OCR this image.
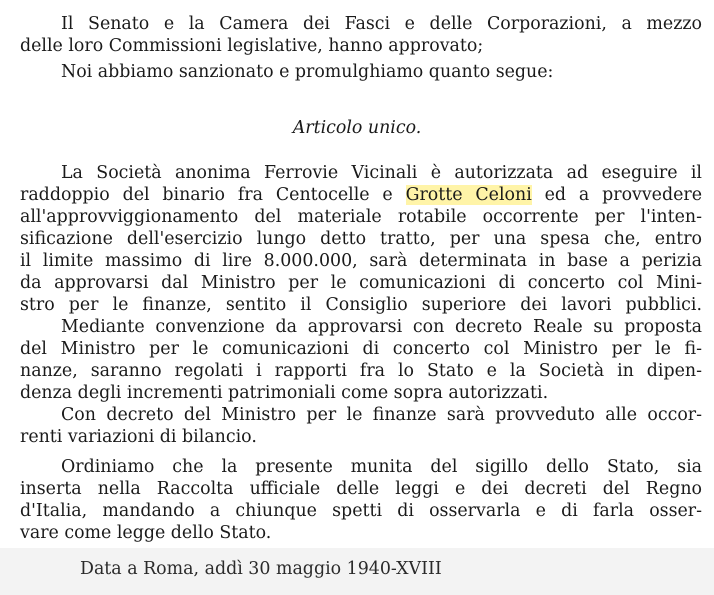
Il Senato e la Camera dei Fasci e delle Corporazioni, a mezzo
delle loro Commissioni legislative, hanno approvato;
Noi abbiamo sanzionato e promulghiamo quanto segue:
Articolo unico.
La Società anonima Ferrovie Vicinali è autorizzata ad eseguire il
raddoppio del binario fra Centocelle e Grotte Celoni ed a provvedere
all'approvviggionamento del materiale rotabile occorrente per l'inten-
sificazione dell'esercizio lungo detto tratto, per una spesa che, entro
il limite massimo di lire 8.000.000, sarà determinata in base a perizia
da approvarsi dal Ministro per le comunicazioni di concerto col Mini-
stro per le finanze, sentito il Consiglio superiore dei lavori pubblici.
Mediante convenzione da approvarsi con decreto Reale su proposta
del Ministro per le comunicazioni di concerto col Ministro per le fi-
nanze, saranno regolati i rapporti fra lo Stato e la Società in dipen-
denza degli incrementi patrimoniali come sopra autorizzati.
Con decreto del Ministro per le finanze sarà provveduto alle occor-
renti variazioni di bilancio.
Ordiniamo che la presente munita del sigillo dello Stato, sia
inserta nella Raccolta ufficiale delle leggi e dei decreti del Regno
d'Italia, mandando a chiunque spetti di osservarla e di farla osser-
vare come legge dello Stato.
Data a Roma, addì 30 maggio 1940-XVIII
